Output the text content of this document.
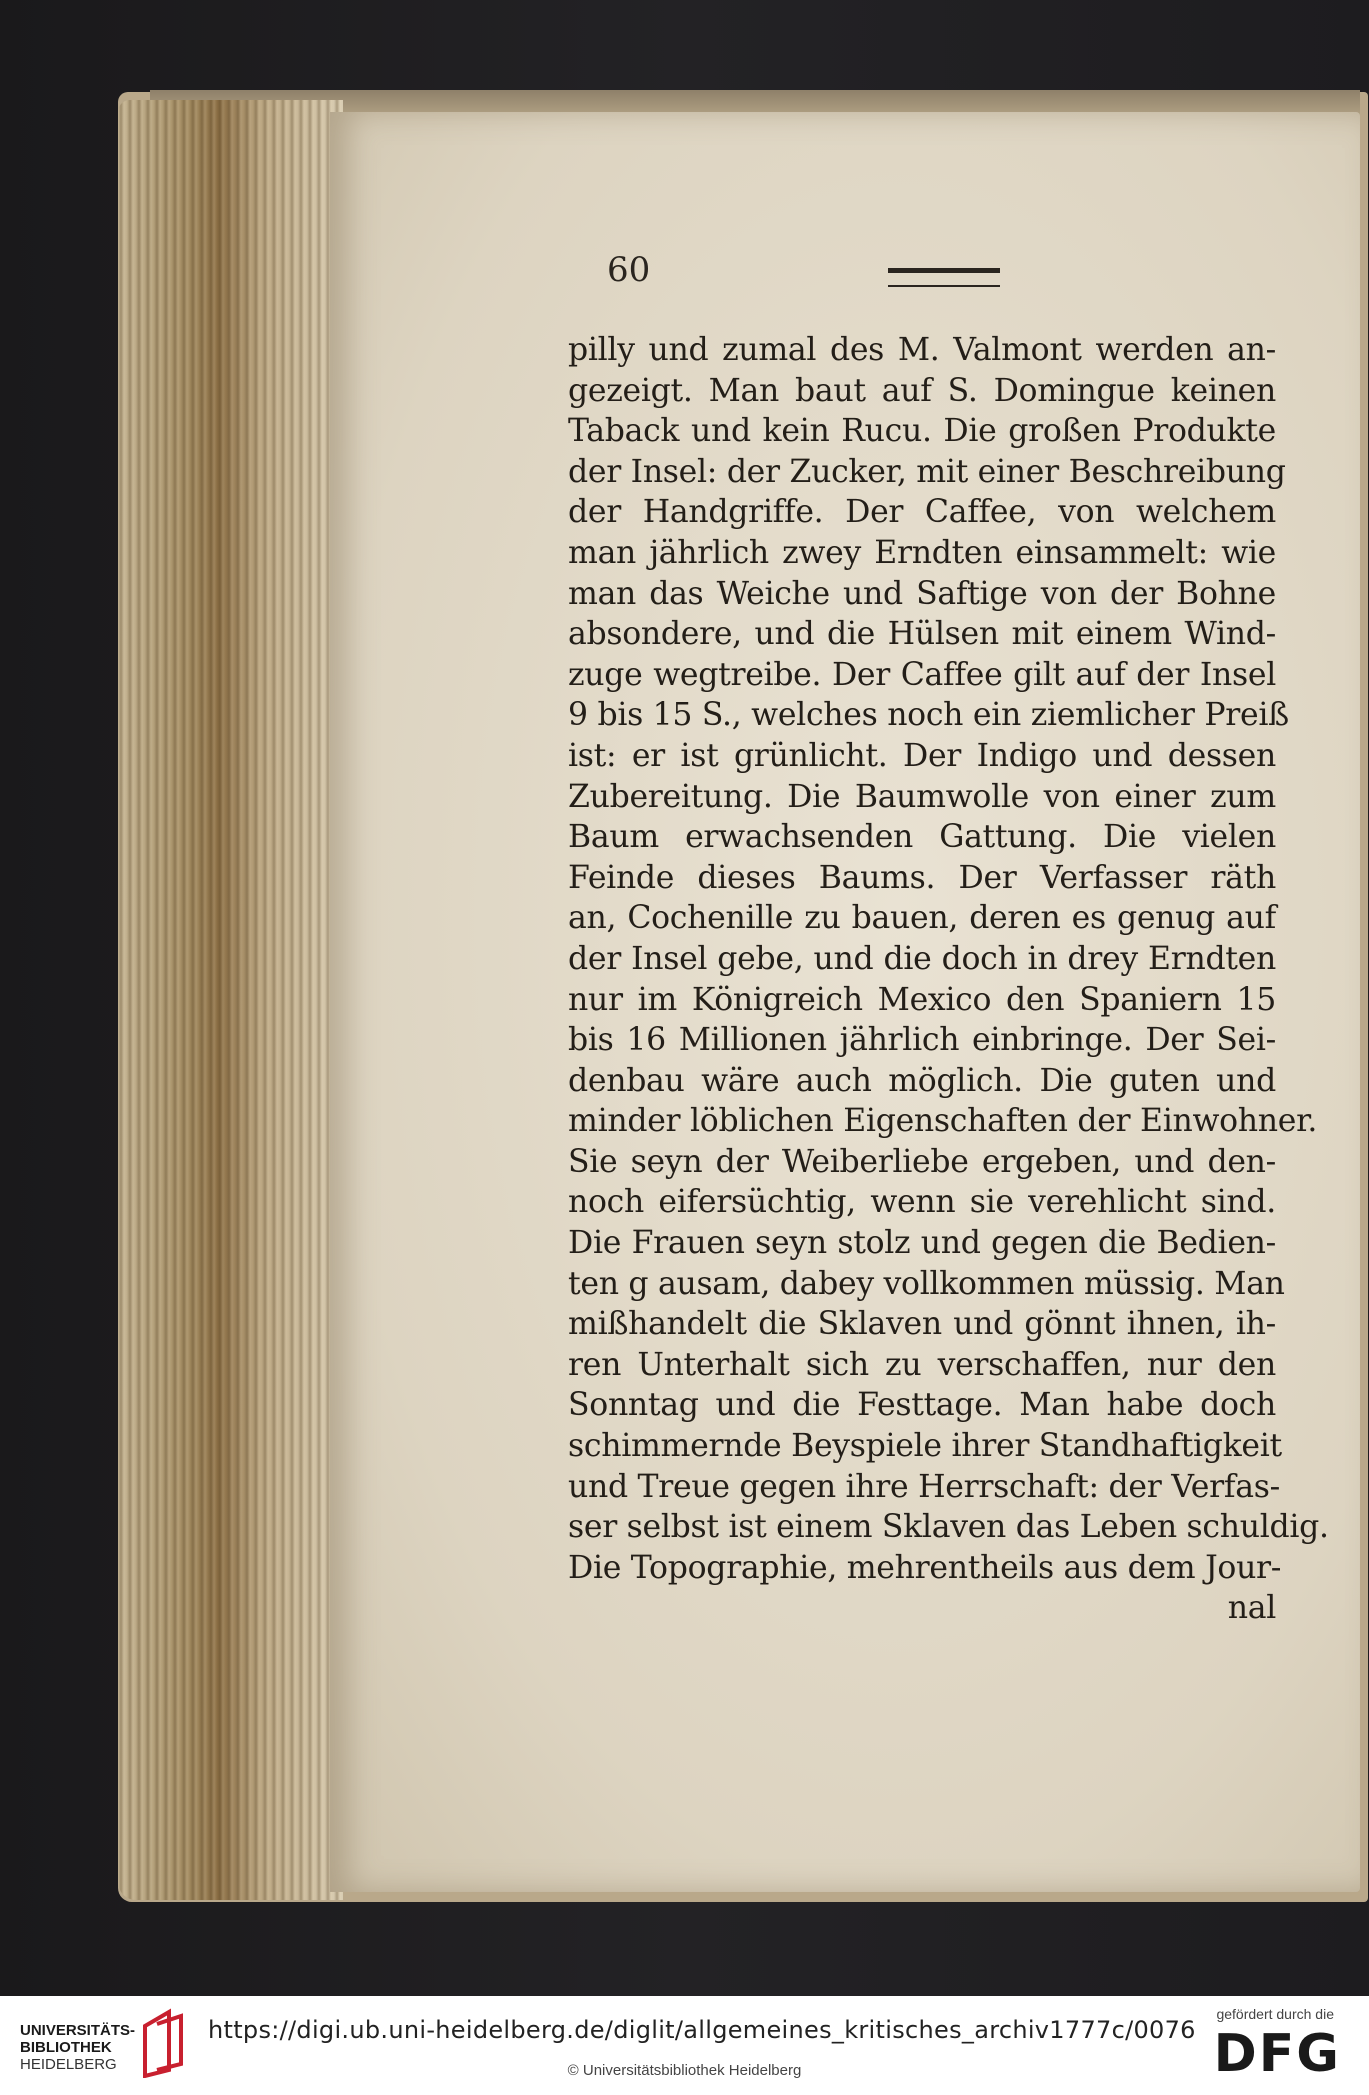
60
pilly und zumal des M. Valmont werden an-
gezeigt. Man baut auf S. Domingue keinen
Taback und kein Rucu. Die großen Produkte
der Insel: der Zucker, mit einer Beschreibung
der Handgriffe. Der Caffee, von welchem
man jährlich zwey Erndten einsammelt: wie
man das Weiche und Saftige von der Bohne
absondere, und die Hülsen mit einem Wind-
zuge wegtreibe. Der Caffee gilt auf der Insel
9 bis 15 S., welches noch ein ziemlicher Preiß
ist: er ist grünlicht. Der Indigo und dessen
Zubereitung. Die Baumwolle von einer zum
Baum erwachsenden Gattung. Die vielen
Feinde dieses Baums. Der Verfasser räth
an, Cochenille zu bauen, deren es genug auf
der Insel gebe, und die doch in drey Erndten
nur im Königreich Mexico den Spaniern 15
bis 16 Millionen jährlich einbringe. Der Sei-
denbau wäre auch möglich. Die guten und
minder löblichen Eigenschaften der Einwohner.
Sie seyn der Weiberliebe ergeben, und den-
noch eifersüchtig, wenn sie verehlicht sind.
Die Frauen seyn stolz und gegen die Bedien-
ten g ausam, dabey vollkommen müssig. Man
mißhandelt die Sklaven und gönnt ihnen, ih-
ren Unterhalt sich zu verschaffen, nur den
Sonntag und die Festtage. Man habe doch
schimmernde Beyspiele ihrer Standhaftigkeit
und Treue gegen ihre Herrschaft: der Verfas-
ser selbst ist einem Sklaven das Leben schuldig.
Die Topographie, mehrentheils aus dem Jour-
nal
UNIVERSITÄTS-
BIBLIOTHEK
HEIDELBERG
https://digi.ub.uni-heidelberg.de/diglit/allgemeines_kritisches_archiv1777c/0076
© Universitätsbibliothek Heidelberg
gefördert durch die
DFG
